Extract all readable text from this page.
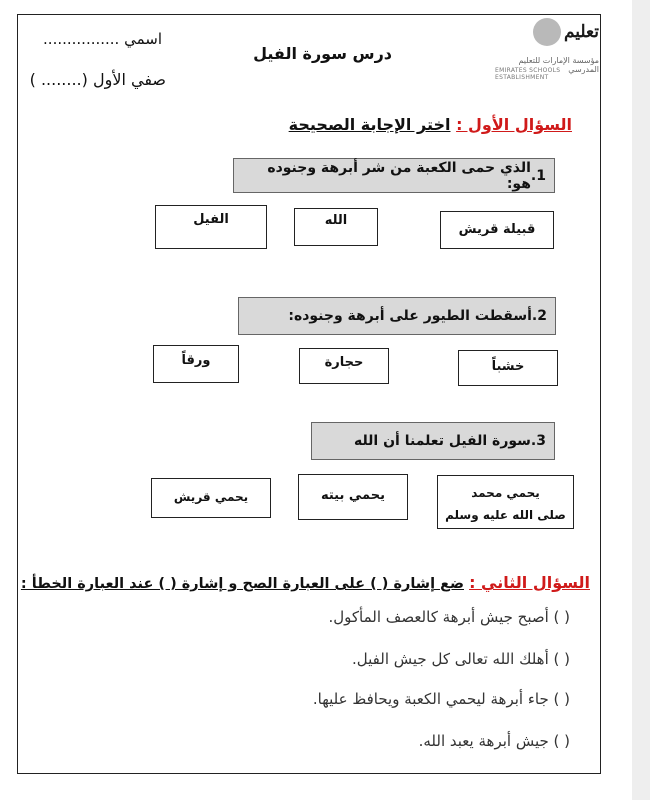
اسمي ................
صفي الأول (........ )
درس سورة الفيل
تعليم
مؤسسة الإمارات للتعليم المدرسي
EMIRATES SCHOOLS ESTABLISHMENT
السؤال الأول : اختر الإجابة الصحيحة
1.
الذي حمى الكعبة من شر أبرهة وجنوده هو:
قبيلة قريش
الله
الفيل
2.
أسقطت الطيور على أبرهة وجنوده:
خشباً
حجارة
ورقاً
3.
سورة الفيل تعلمنا أن الله
يحمي محمد
صلى الله عليه وسلم
يحمي بيته
يحمي قريش
السؤال الثاني : ضع إشارة ( ) على العبارة الصح و إشارة ( ) عند العبارة الخطأ :
( ) أصبح جيش أبرهة كالعصف المأكول.
( ) أهلك الله تعالى كل جيش الفيل.
( ) جاء أبرهة ليحمي الكعبة ويحافظ عليها.
( ) جيش أبرهة يعبد الله.
